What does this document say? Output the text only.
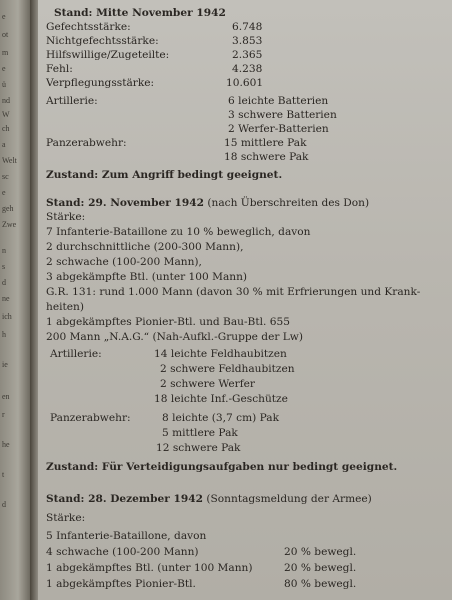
e
ot
m
e
ü
nd
W
ch
a
Welt
sc
e
geh
Zwe
n
s
d
ne
ich
h
ie
en
r
he
t
d
Stand: Mitte November 1942
Gefechtsstärke:	6.748
Nichtgefechtsstärke:	3.853
Hilfswillige/Zugeteilte:	2.365
Fehl:	4.238
Verpflegungsstärke:	10.601
Artillerie:	6 leichte Batterien
3 schwere Batterien
2 Werfer-Batterien
Panzerabwehr:	15 mittlere Pak
18 schwere Pak
Zustand: Zum Angriff bedingt geeignet.
Stand: 29. November 1942 (nach Überschreiten des Don)
Stärke:
7 Infanterie-Bataillone zu 10 % beweglich, davon
2 durchschnittliche (200-300 Mann),
2 schwache (100-200 Mann),
3 abgekämpfte Btl. (unter 100 Mann)
G.R. 131: rund 1.000 Mann (davon 30 % mit Erfrierungen und Krank-
heiten)
1 abgekämpftes Pionier-Btl. und Bau-Btl. 655
200 Mann „N.A.G.“ (Nah-Aufkl.-Gruppe der Lw)
Artillerie:	14 leichte Feldhaubitzen
2 schwere Feldhaubitzen
2 schwere Werfer
18 leichte Inf.-Geschütze
Panzerabwehr:	8 leichte (3,7 cm) Pak
5 mittlere Pak
12 schwere Pak
Zustand: Für Verteidigungsaufgaben nur bedingt geeignet.
Stand: 28. Dezember 1942 (Sonntagsmeldung der Armee)
Stärke:
5 Infanterie-Bataillone, davon
4 schwache (100-200 Mann)	20 % bewegl.
1 abgekämpftes Btl. (unter 100 Mann)	20 % bewegl.
1 abgekämpftes Pionier-Btl.	80 % bewegl.
